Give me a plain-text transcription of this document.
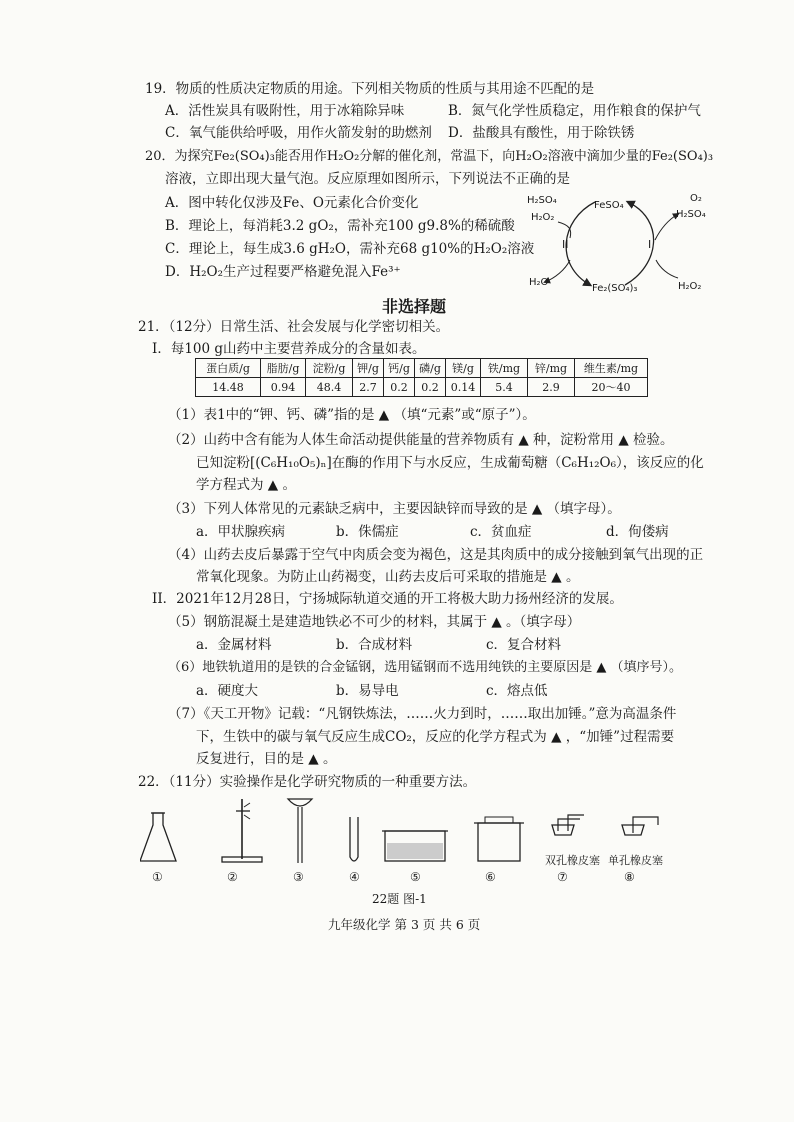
19．物质的性质决定物质的用途。下列相关物质的性质与其用途不匹配的是
A．活性炭具有吸附性，用于冰箱除异味	B．氮气化学性质稳定，用作粮食的保护气
C．氧气能供给呼吸，用作火箭发射的助燃剂 D．盐酸具有酸性，用于除铁锈
20．为探究Fe₂(SO₄)₃能否用作H₂O₂分解的催化剂，常温下，向H₂O₂溶液中滴加少量的Fe₂(SO₄)₃
溶液，立即出现大量气泡。反应原理如图所示，下列说法不正确的是
A．图中转化仅涉及Fe、O元素化合价变化
B．理论上，每消耗3.2 gO₂，需补充100 g9.8%的稀硫酸
C．理论上，每生成3.6 gH₂O，需补充68 g10%的H₂O₂溶液
D．H₂O₂生产过程要严格避免混入Fe³⁺
H₂SO₄
H₂O₂
FeSO₄
O₂
H₂SO₄
II	I
H₂O
Fe₂(SO₄)₃	H₂O₂
非选择题
21．（12分）日常生活、社会发展与化学密切相关。
I．每100 g山药中主要营养成分的含量如表。
蛋白质/g	脂肪/g	淀粉/g	钾/g	钙/g	磷/g	镁/g	铁/mg	锌/mg	维生素/mg
14.48	0.94	48.4	2.7	0.2	0.2	0.14	5.4	2.9	20～40
（1）表1中的“钾、钙、磷”指的是 ▲ （填“元素”或“原子”）。
（2）山药中含有能为人体生命活动提供能量的营养物质有 ▲ 种，淀粉常用 ▲ 检验。
已知淀粉[(C₆H₁₀O₅)ₙ]在酶的作用下与水反应，生成葡萄糖（C₆H₁₂O₆），该反应的化
学方程式为 ▲ 。
（3）下列人体常见的元素缺乏病中，主要因缺锌而导致的是 ▲ （填字母）。
a．甲状腺疾病	b．侏儒症	c．贫血症	d．佝偻病
（4）山药去皮后暴露于空气中肉质会变为褐色，这是其肉质中的成分接触到氧气出现的正
常氧化现象。为防止山药褐变，山药去皮后可采取的措施是 ▲ 。
II．2021年12月28日，宁扬城际轨道交通的开工将极大助力扬州经济的发展。
（5）钢筋混凝土是建造地铁必不可少的材料，其属于 ▲ 。（填字母）
a．金属材料	b．合成材料	c．复合材料
（6）地铁轨道用的是铁的合金锰钢，选用锰钢而不选用纯铁的主要原因是 ▲ （填序号）。
a．硬度大	b．易导电	c．熔点低
（7）《天工开物》记载：“凡钢铁炼法，……火力到时，……取出加锤。”意为高温条件
下，生铁中的碳与氧气反应生成CO₂，反应的化学方程式为 ▲ ，“加锤”过程需要
反复进行，目的是 ▲ 。
22．（11分）实验操作是化学研究物质的一种重要方法。
双孔橡皮塞 单孔橡皮塞
①	②	③	④	⑤	⑥	⑦	⑧
22题 图-1
九年级化学 第 3 页 共 6 页
